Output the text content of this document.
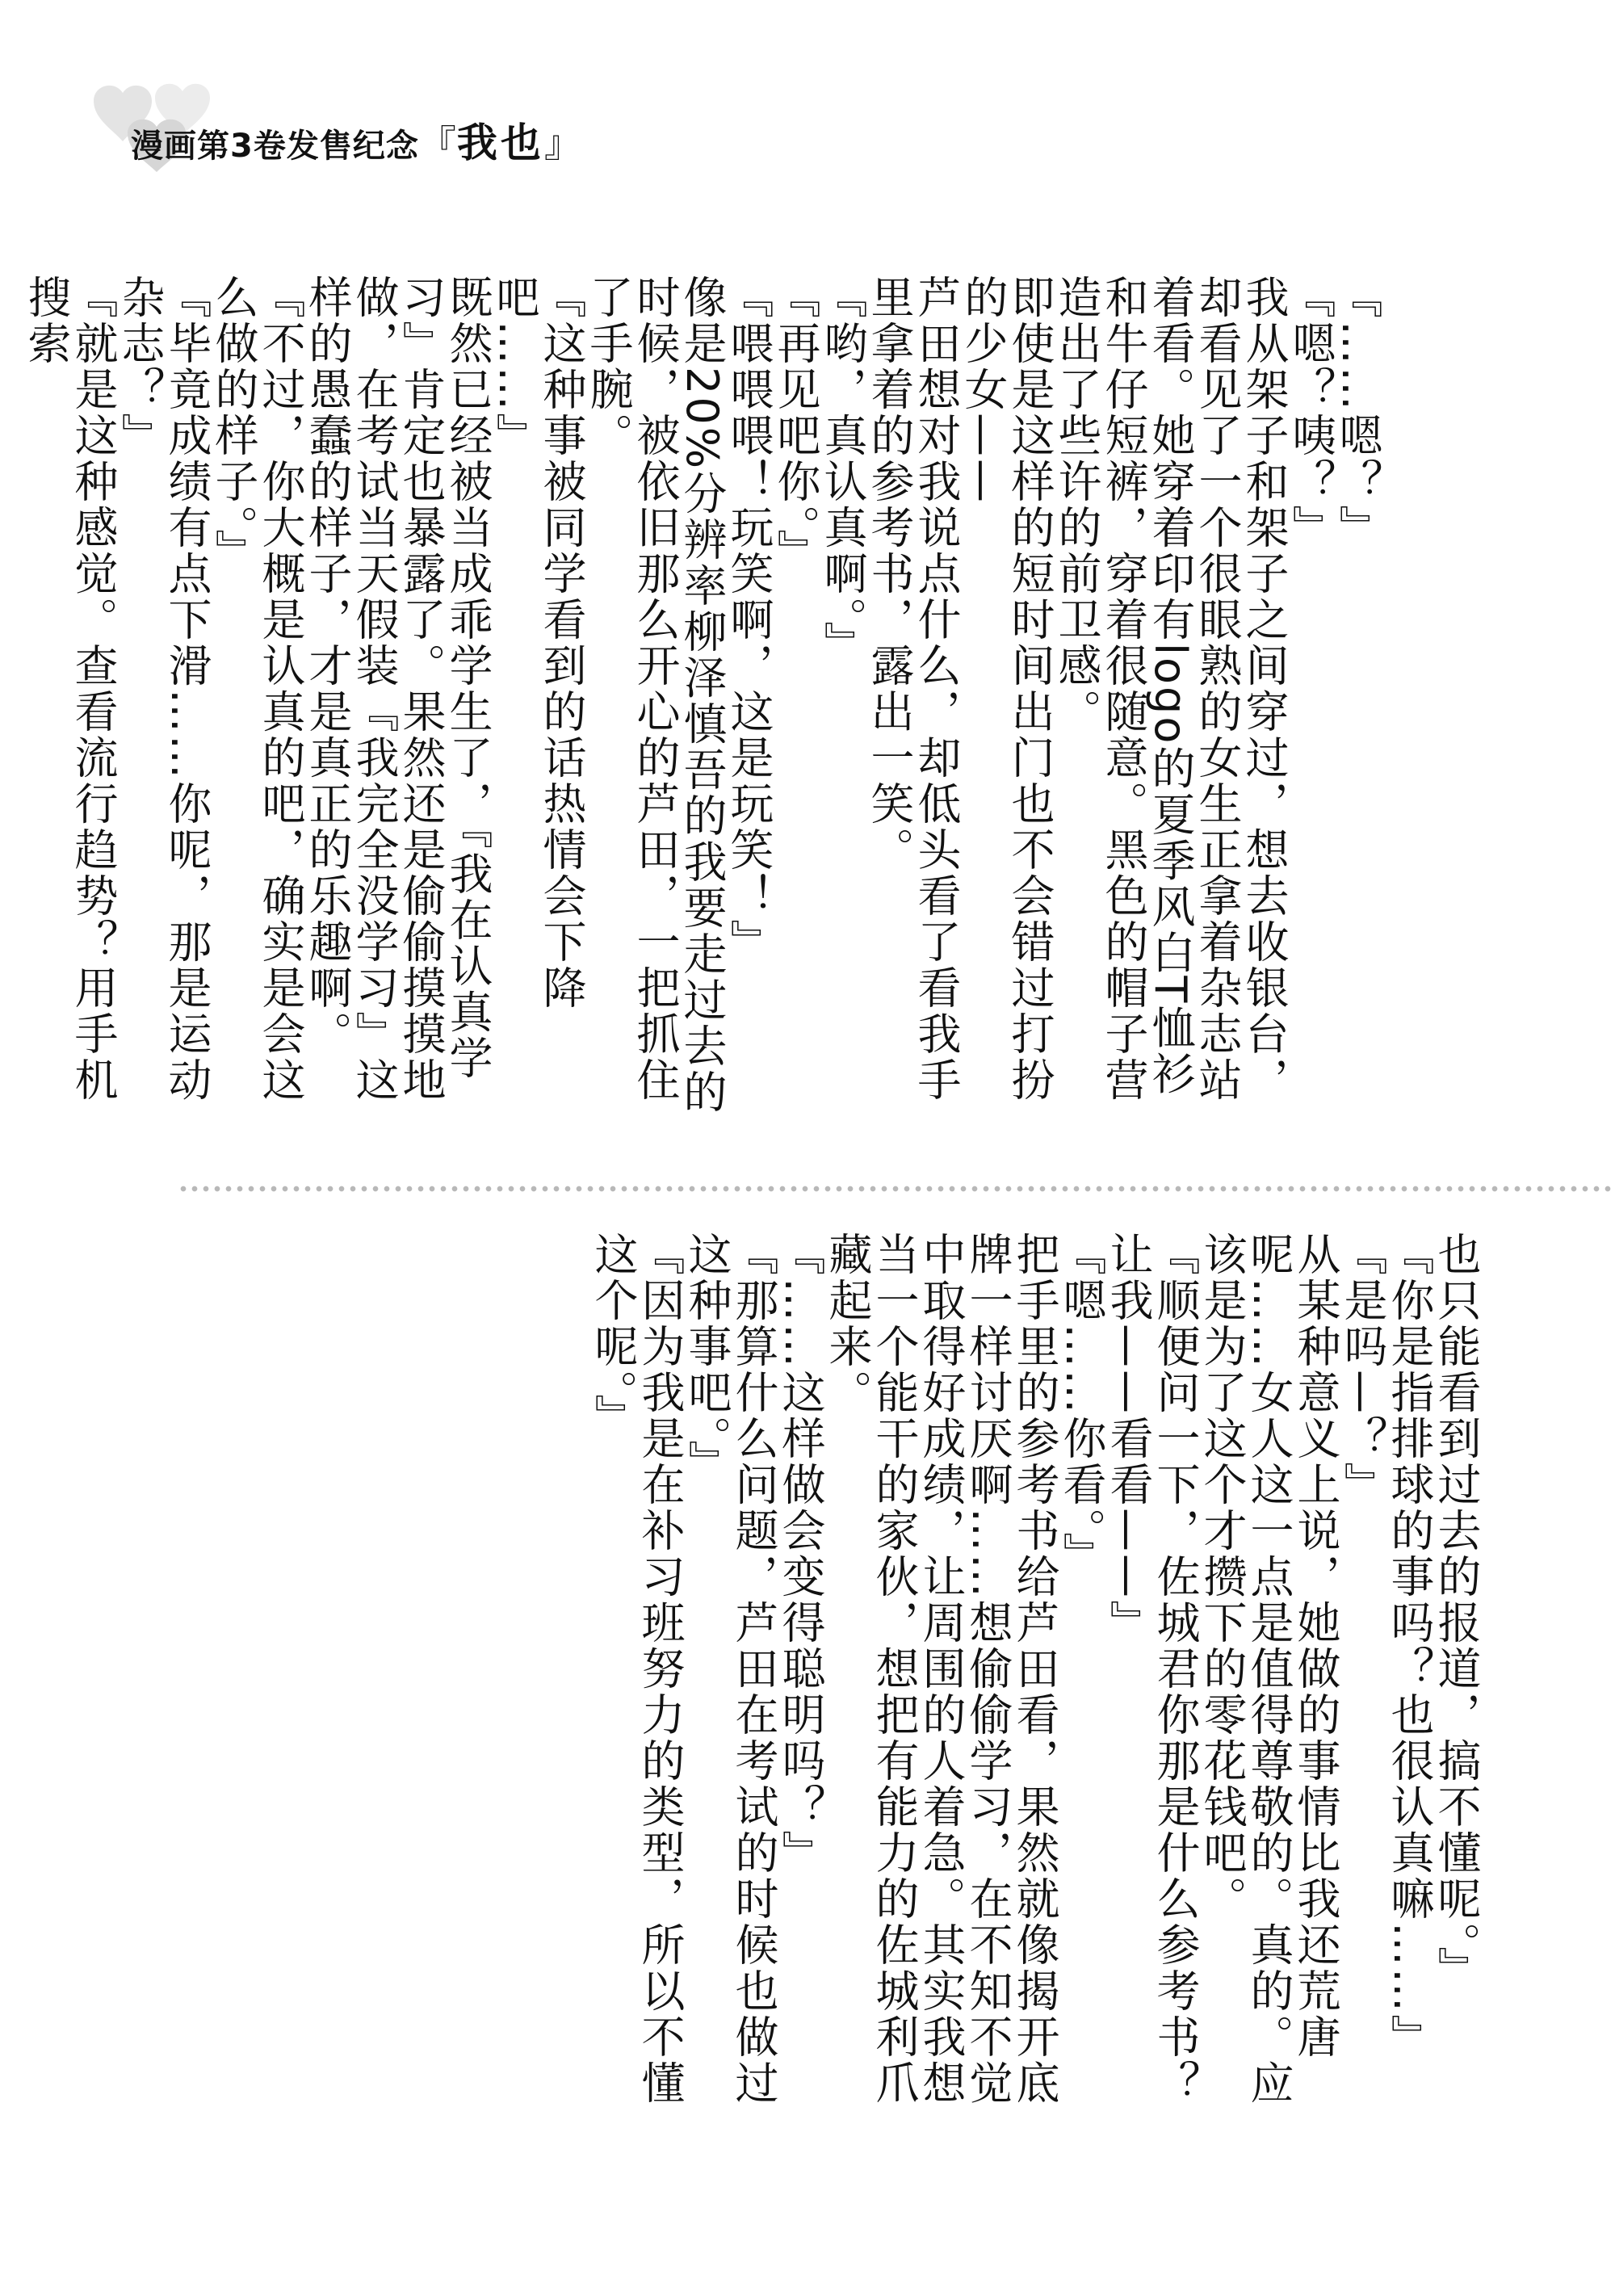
漫画第3卷发售纪念『我也』

『……嗯？』

『嗯？咦？』

我从架子和架子之间穿过，想去收银台，却看见了一个很眼熟的女生正拿着杂志站着看。她穿着印有logo的夏季风白T恤衫和牛仔短裤，穿着很随意。黑色的帽子营造出了些许的前卫感。

即使是这样的短时间出门也不会错过打扮的少女——

芦田想对我说点什么，却低头看了看我手里拿着的参考书，露出一笑。

『哟，真认真啊。』

『再见吧你。』

『喂喂喂！玩笑啊，这是玩笑！』

像是20%分辨率柳泽慎吾的我要走过去的时候，被依旧那么开心的芦田，一把抓住了手腕。

『这种事被同学看到的话热情会下降吧……』

既然已经被当成乖学生了，『我在认真学习』肯定也暴露了。果然还是偷偷摸摸地做，在考试当天假装『我完全没学习』这样的愚蠢的样子，才是真正的乐趣啊。

『不过，你大概是认真的吧，确实是会这么做的样子。』

『毕竟成绩有点下滑……你呢，那是运动杂志？』

『就是这种感觉。查看流行趋势？用手机搜索

也只能看到过去的报道，搞不懂呢。』

『你是指排球的事吗？也很认真嘛……』

『是吗—？』

从某种意义上说，她做的事情比我还荒唐呢……女人这一点是值得尊敬的。真的。应该是为了这个才攒下的零花钱吧。

『顺便问一下，佐城君你那是什么参考书？让我——看看——』

『嗯……你看。』

把手里的参考书给芦田看，果然就像揭开底牌一样讨厌啊……想偷偷学习，在不知不觉中取得好成绩，让周围的人着急。其实我想当一个能干的家伙，想把有能力的佐城利爪藏起来。

『……这样做会变得聪明吗？』

『那算什么问题，芦田在考试的时候也做过这种事吧。』

『因为我是在补习班努力的类型，所以不懂这个呢。』
